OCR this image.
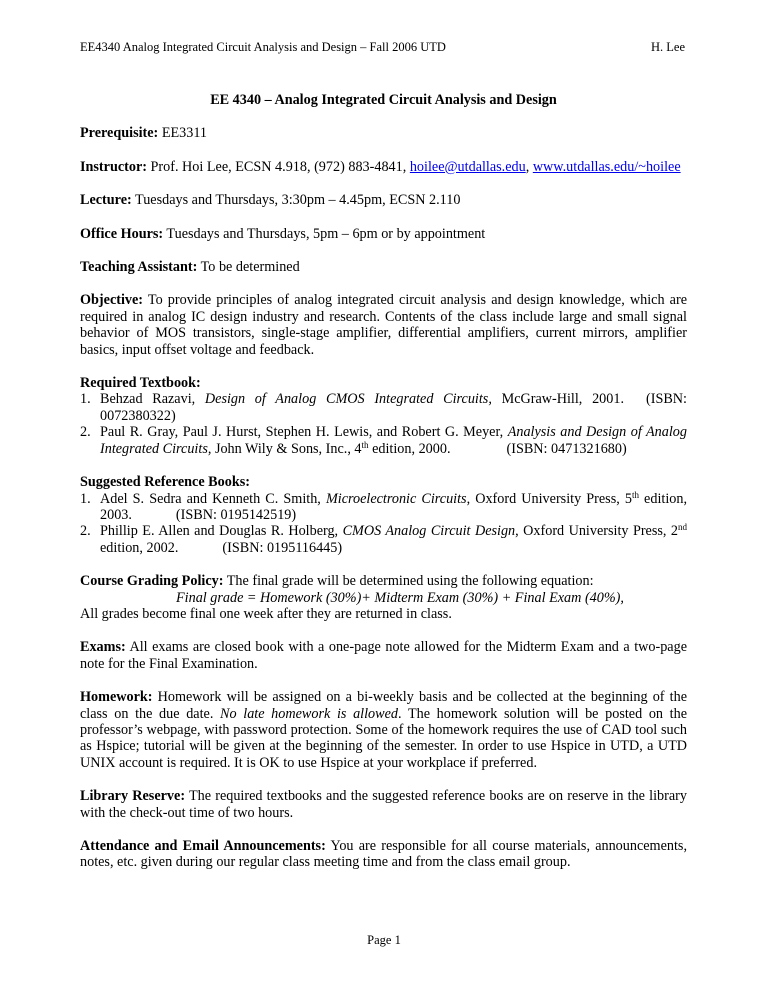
EE4340 Analog Integrated Circuit Analysis and Design – Fall 2006 UTD	H. Lee
EE 4340 – Analog Integrated Circuit Analysis and Design
Prerequisite: EE3311
Instructor: Prof. Hoi Lee, ECSN 4.918, (972) 883-4841, hoilee@utdallas.edu, www.utdallas.edu/~hoilee
Lecture: Tuesdays and Thursdays, 3:30pm – 4.45pm, ECSN 2.110
Office Hours: Tuesdays and Thursdays, 5pm – 6pm or by appointment
Teaching Assistant: To be determined
Objective: To provide principles of analog integrated circuit analysis and design knowledge, which are required in analog IC design industry and research. Contents of the class include large and small signal behavior of MOS transistors, single-stage amplifier, differential amplifiers, current mirrors, amplifier basics, input offset voltage and feedback.
Required Textbook:
1. Behzad Razavi, Design of Analog CMOS Integrated Circuits, McGraw-Hill, 2001. (ISBN: 0072380322)
2. Paul R. Gray, Paul J. Hurst, Stephen H. Lewis, and Robert G. Meyer, Analysis and Design of Analog Integrated Circuits, John Wily & Sons, Inc., 4th edition, 2000.	(ISBN: 0471321680)
Suggested Reference Books:
1. Adel S. Sedra and Kenneth C. Smith, Microelectronic Circuits, Oxford University Press, 5th edition, 2003.	(ISBN: 0195142519)
2. Phillip E. Allen and Douglas R. Holberg, CMOS Analog Circuit Design, Oxford University Press, 2nd edition, 2002.	(ISBN: 0195116445)
Course Grading Policy: The final grade will be determined using the following equation:
Final grade = Homework (30%)+ Midterm Exam (30%) + Final Exam (40%),
All grades become final one week after they are returned in class.
Exams: All exams are closed book with a one-page note allowed for the Midterm Exam and a two-page note for the Final Examination.
Homework: Homework will be assigned on a bi-weekly basis and be collected at the beginning of the class on the due date. No late homework is allowed. The homework solution will be posted on the professor’s webpage, with password protection. Some of the homework requires the use of CAD tool such as Hspice; tutorial will be given at the beginning of the semester. In order to use Hspice in UTD, a UTD UNIX account is required. It is OK to use Hspice at your workplace if preferred.
Library Reserve: The required textbooks and the suggested reference books are on reserve in the library with the check-out time of two hours.
Attendance and Email Announcements: You are responsible for all course materials, announcements, notes, etc. given during our regular class meeting time and from the class email group.
Page 1
